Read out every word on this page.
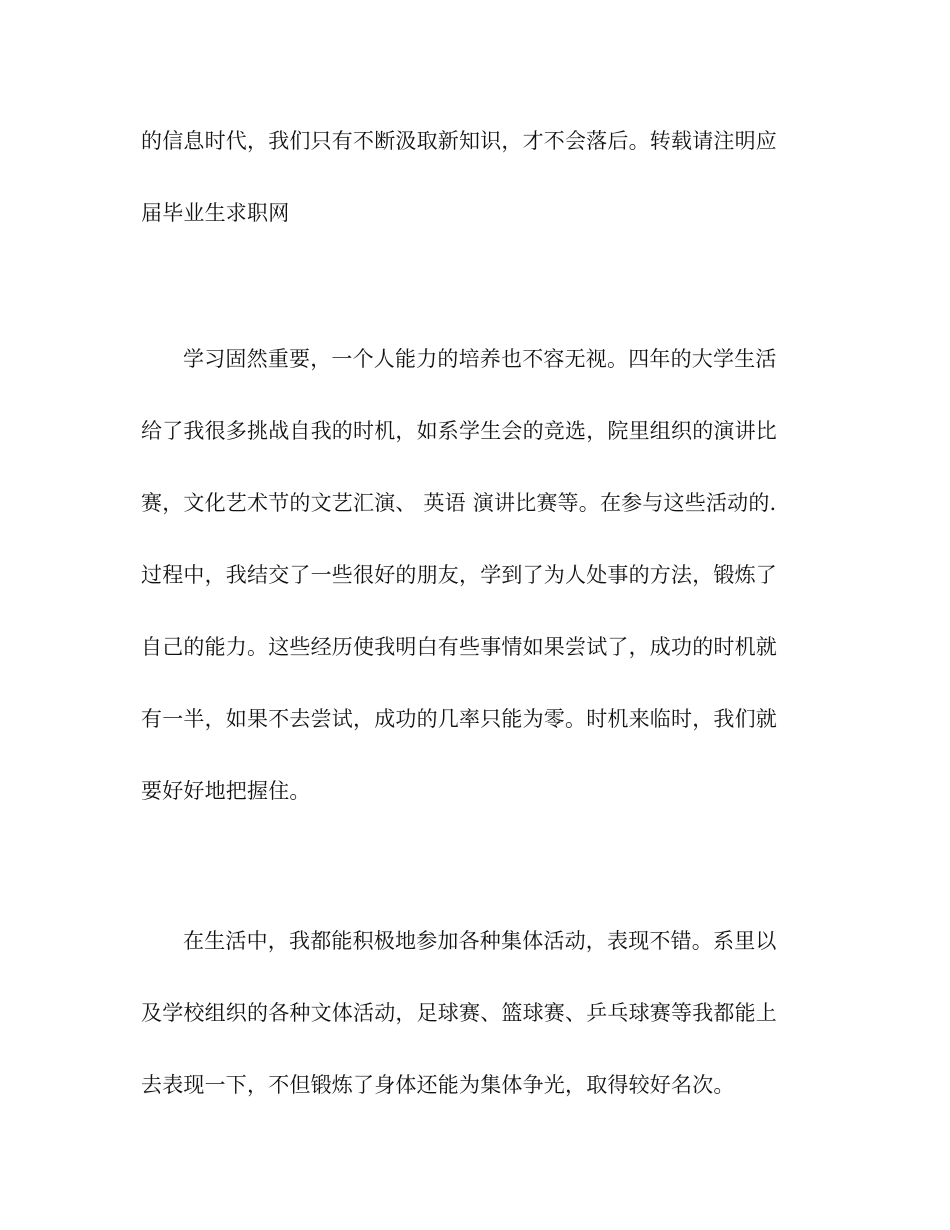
的信息时代，我们只有不断汲取新知识，才不会落后。转载请注明应
届毕业生求职网
学习固然重要，一个人能力的培养也不容无视。四年的大学生活
给了我很多挑战自我的时机，如系学生会的竞选，院里组织的演讲比
赛，文化艺术节的文艺汇演、 英语 演讲比赛等。在参与这些活动的.
过程中，我结交了一些很好的朋友，学到了为人处事的方法，锻炼了
自己的能力。这些经历使我明白有些事情如果尝试了，成功的时机就
有一半，如果不去尝试，成功的几率只能为零。时机来临时，我们就
要好好地把握住。
在生活中，我都能积极地参加各种集体活动，表现不错。系里以
及学校组织的各种文体活动，足球赛、篮球赛、乒乓球赛等我都能上
去表现一下，不但锻炼了身体还能为集体争光，取得较好名次。
